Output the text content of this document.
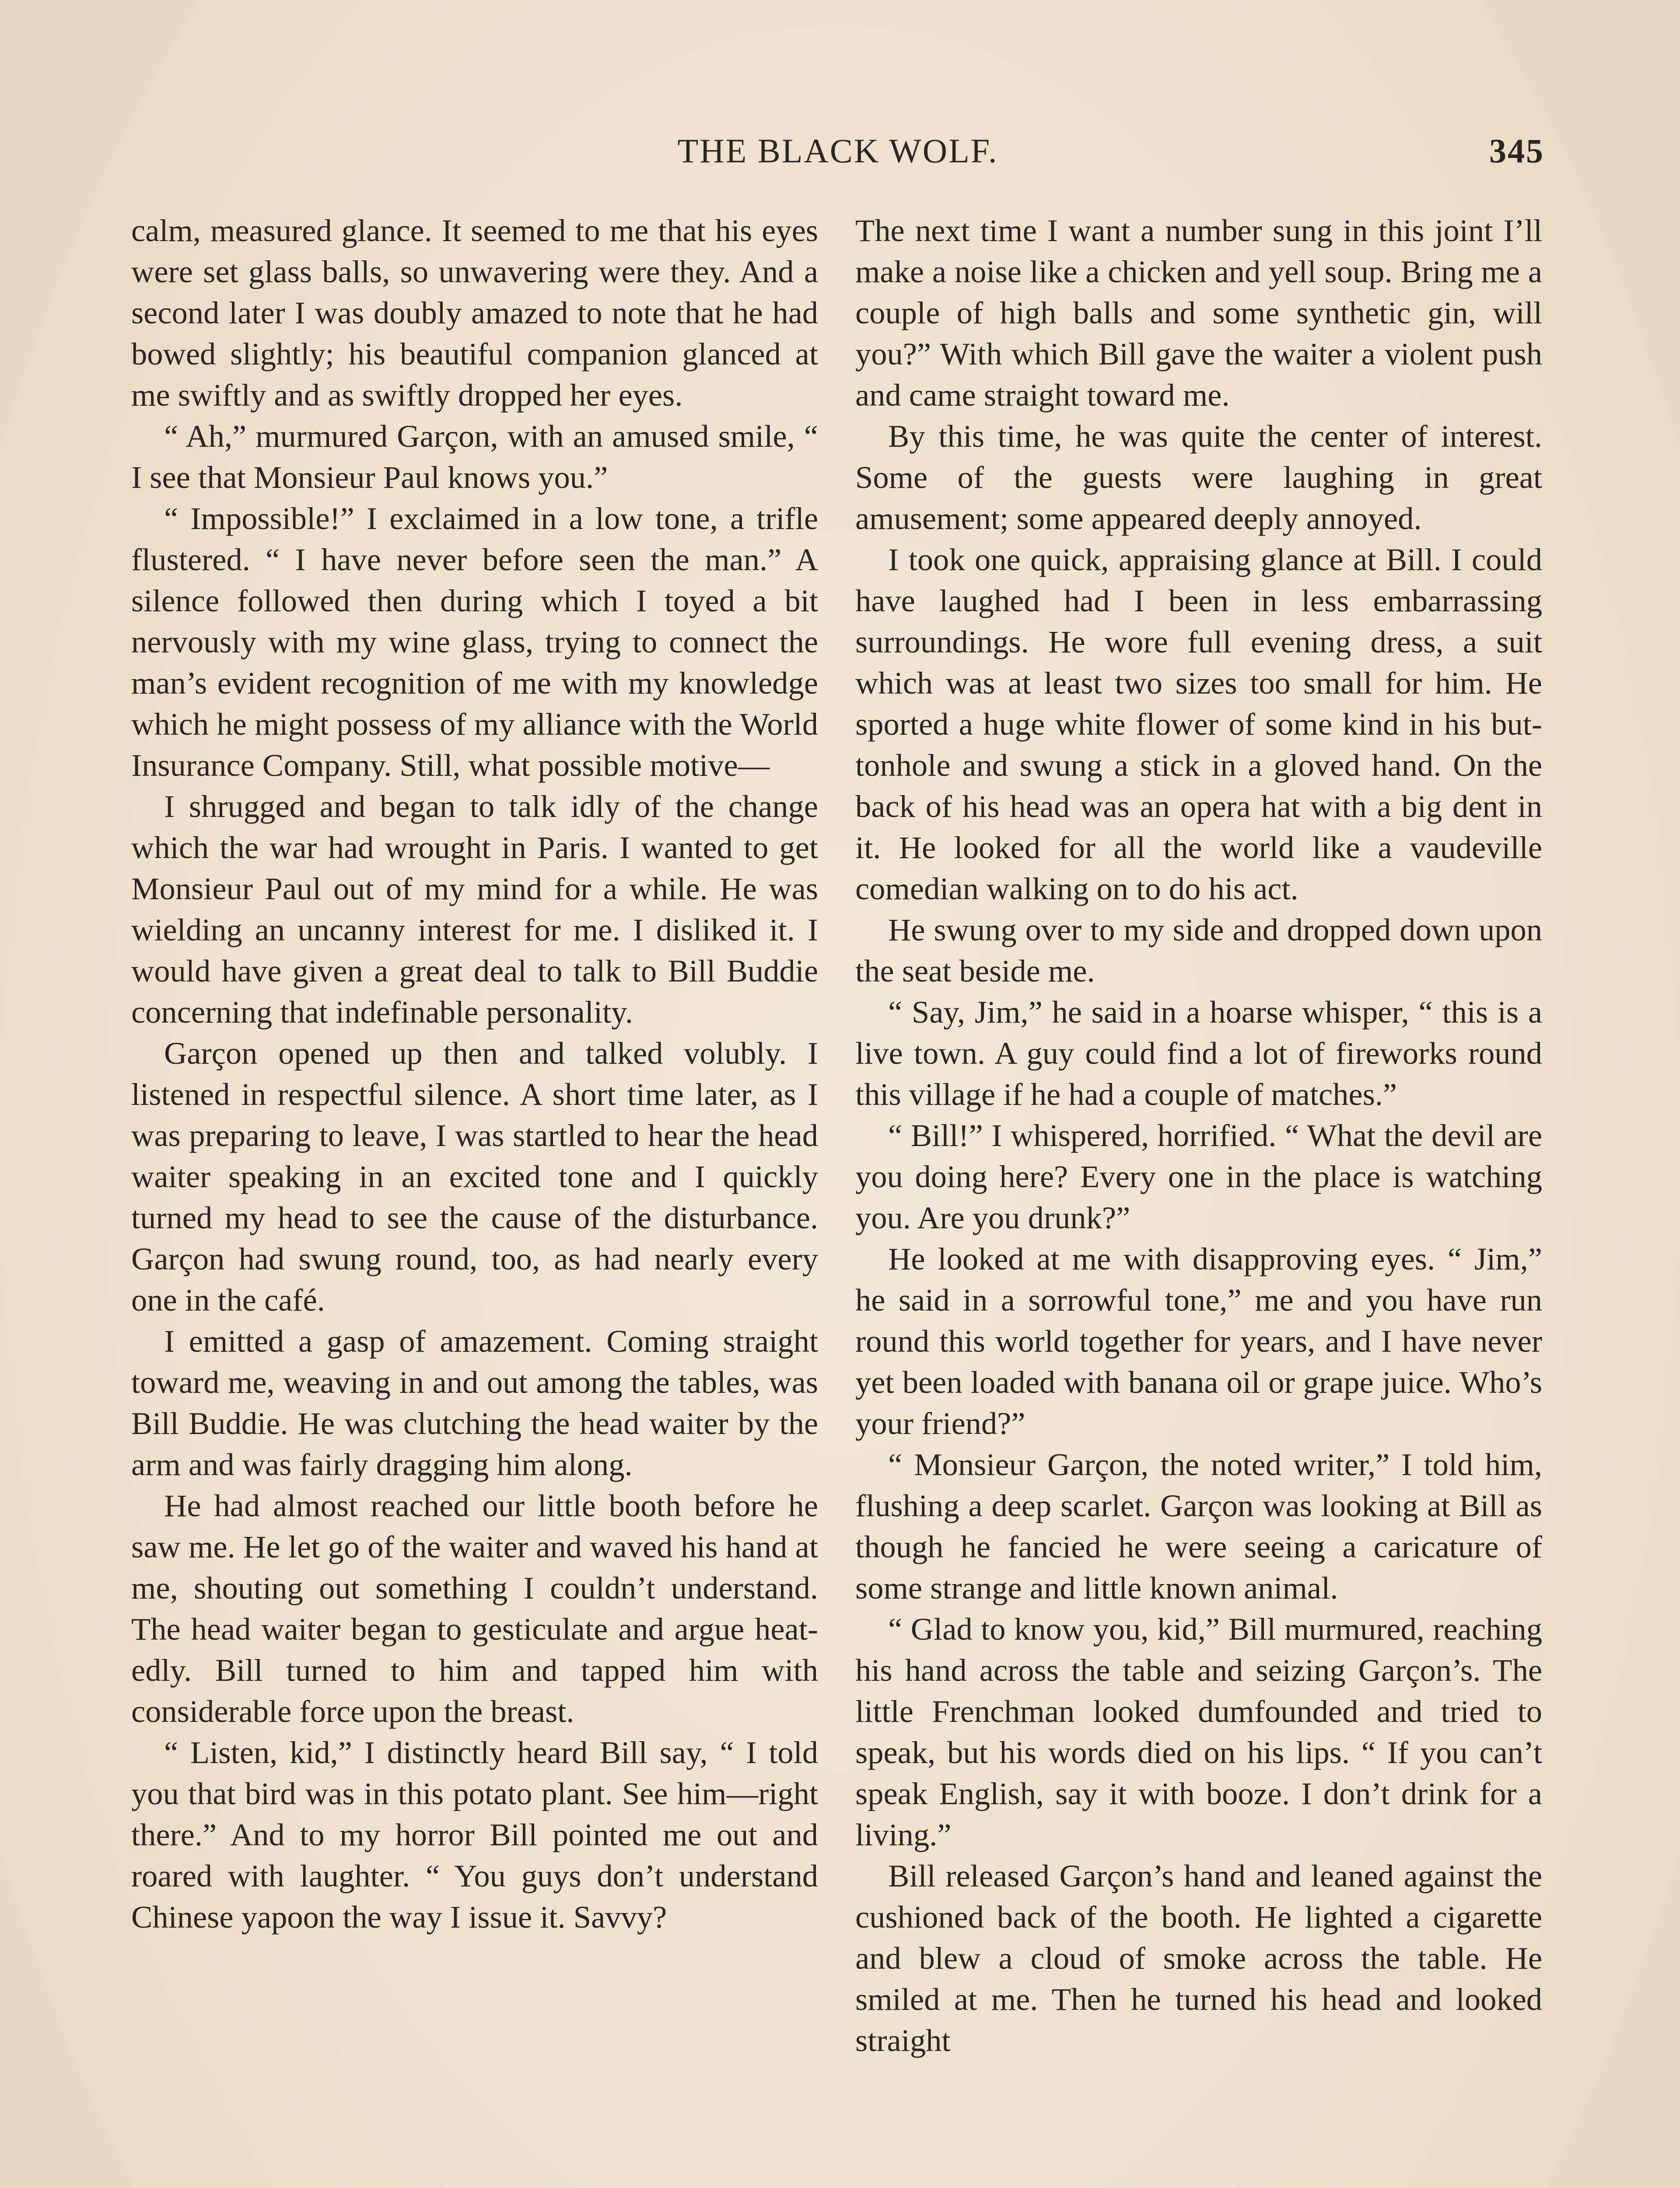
THE BLACK WOLF.	345

calm, measured glance. It seemed to me that his eyes were set glass balls, so unwavering were they. And a second later I was doubly amazed to note that he had bowed slightly; his beautiful companion glanced at me swiftly and as swiftly dropped her eyes.

“ Ah,” murmured Garçon, with an amused smile, “ I see that Monsieur Paul knows you.”

“ Impossible!” I exclaimed in a low tone, a trifle flustered. “ I have never before seen the man.” A silence followed then during which I toyed a bit nervously with my wine glass, trying to connect the man’s evident recognition of me with my knowledge which he might possess of my alliance with the World Insurance Company. Still, what possible motive—

I shrugged and began to talk idly of the change which the war had wrought in Paris. I wanted to get Monsieur Paul out of my mind for a while. He was wielding an uncanny interest for me. I disliked it. I would have given a great deal to talk to Bill Buddie concerning that indefinable personality.

Garçon opened up then and talked volubly. I listened in respectful silence. A short time later, as I was preparing to leave, I was startled to hear the head waiter speaking in an excited tone and I quickly turned my head to see the cause of the disturbance. Garçon had swung round, too, as had nearly every one in the café.

I emitted a gasp of amazement. Coming straight toward me, weaving in and out among the tables, was Bill Buddie. He was clutching the head waiter by the arm and was fairly dragging him along.

He had almost reached our little booth before he saw me. He let go of the waiter and waved his hand at me, shouting out something I couldn’t understand. The head waiter began to gesticulate and argue heatedly. Bill turned to him and tapped him with considerable force upon the breast.

“ Listen, kid,” I distinctly heard Bill say, “ I told you that bird was in this potato plant. See him—right there.” And to my horror Bill pointed me out and roared with laughter. “ You guys don’t understand Chinese yapoon the way I issue it. Savvy?

The next time I want a number sung in this joint I’ll make a noise like a chicken and yell soup. Bring me a couple of high balls and some synthetic gin, will you?” With which Bill gave the waiter a violent push and came straight toward me.

By this time, he was quite the center of interest. Some of the guests were laughing in great amusement; some appeared deeply annoyed.

I took one quick, appraising glance at Bill. I could have laughed had I been in less embarrassing surroundings. He wore full evening dress, a suit which was at least two sizes too small for him. He sported a huge white flower of some kind in his buttonhole and swung a stick in a gloved hand. On the back of his head was an opera hat with a big dent in it. He looked for all the world like a vaudeville comedian walking on to do his act.

He swung over to my side and dropped down upon the seat beside me.

“ Say, Jim,” he said in a hoarse whisper, “ this is a live town. A guy could find a lot of fireworks round this village if he had a couple of matches.”

“ Bill!” I whispered, horrified. “ What the devil are you doing here? Every one in the place is watching you. Are you drunk?”

He looked at me with disapproving eyes. “ Jim,” he said in a sorrowful tone,” me and you have run round this world together for years, and I have never yet been loaded with banana oil or grape juice. Who’s your friend?”

“ Monsieur Garçon, the noted writer,” I told him, flushing a deep scarlet. Garçon was looking at Bill as though he fancied he were seeing a caricature of some strange and little known animal.

“ Glad to know you, kid,” Bill murmured, reaching his hand across the table and seizing Garçon’s. The little Frenchman looked dumfounded and tried to speak, but his words died on his lips. “ If you can’t speak English, say it with booze. I don’t drink for a living.”

Bill released Garçon’s hand and leaned against the cushioned back of the booth. He lighted a cigarette and blew a cloud of smoke across the table. He smiled at me. Then he turned his head and looked straight
